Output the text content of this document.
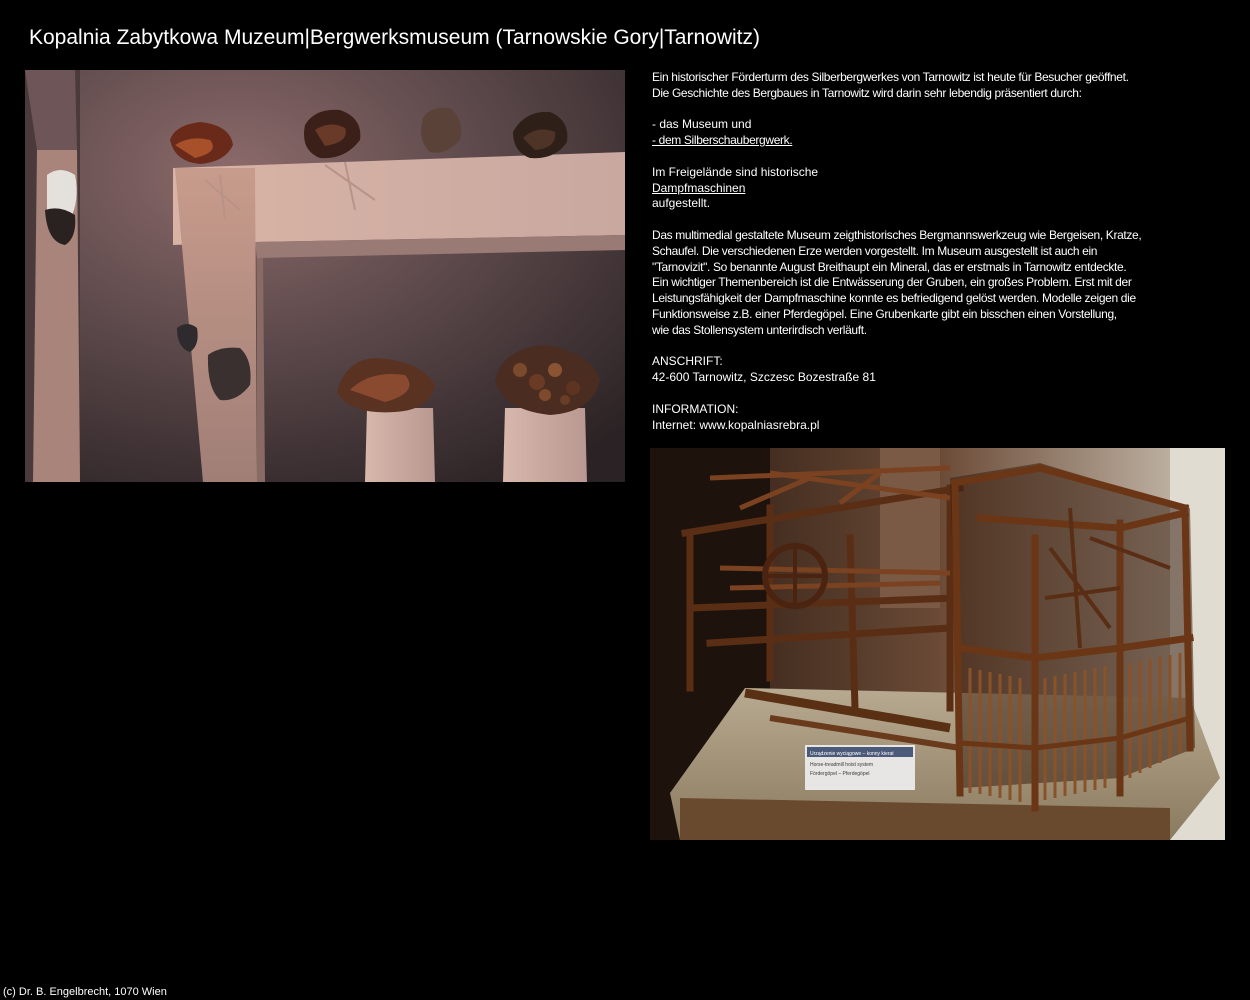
Kopalnia Zabytkowa Muzeum|Bergwerksmuseum (Tarnowskie Gory|Tarnowitz)

Ein historischer Förderturm des Silberbergwerkes von Tarnowitz ist heute für Besucher geöffnet.
Die Geschichte des Bergbaues in Tarnowitz wird darin sehr lebendig präsentiert durch:

- das Museum und
- dem Silberschaubergwerk.

Im Freigelände sind historische
Dampfmaschinen
aufgestellt.

Das multimedial gestaltete Museum zeigthistorisches Bergmannswerkzeug wie Bergeisen, Kratze,
Schaufel. Die verschiedenen Erze werden vorgestellt. Im Museum ausgestellt ist auch ein
"Tarnovizit". So benannte August Breithaupt ein Mineral, das er erstmals in Tarnowitz entdeckte.
Ein wichtiger Themenbereich ist die Entwässerung der Gruben, ein großes Problem. Erst mit der
Leistungsfähigkeit der Dampfmaschine konnte es befriedigend gelöst werden. Modelle zeigen die
Funktionsweise z.B. einer Pferdegöpel. Eine Grubenkarte gibt ein bisschen einen Vorstellung,
wie das Stollensystem unterirdisch verläuft.

ANSCHRIFT:
42-600 Tarnowitz, Szczesc Bozestraße 81

INFORMATION:
Internet: www.kopalniasrebra.pl

Urządzenie wyciągowe – konny kierat
Horse-treadmill hoist system
Fördergöpel – Pferdegöpel
(c) Dr. B. Engelbrecht, 1070 Wien
